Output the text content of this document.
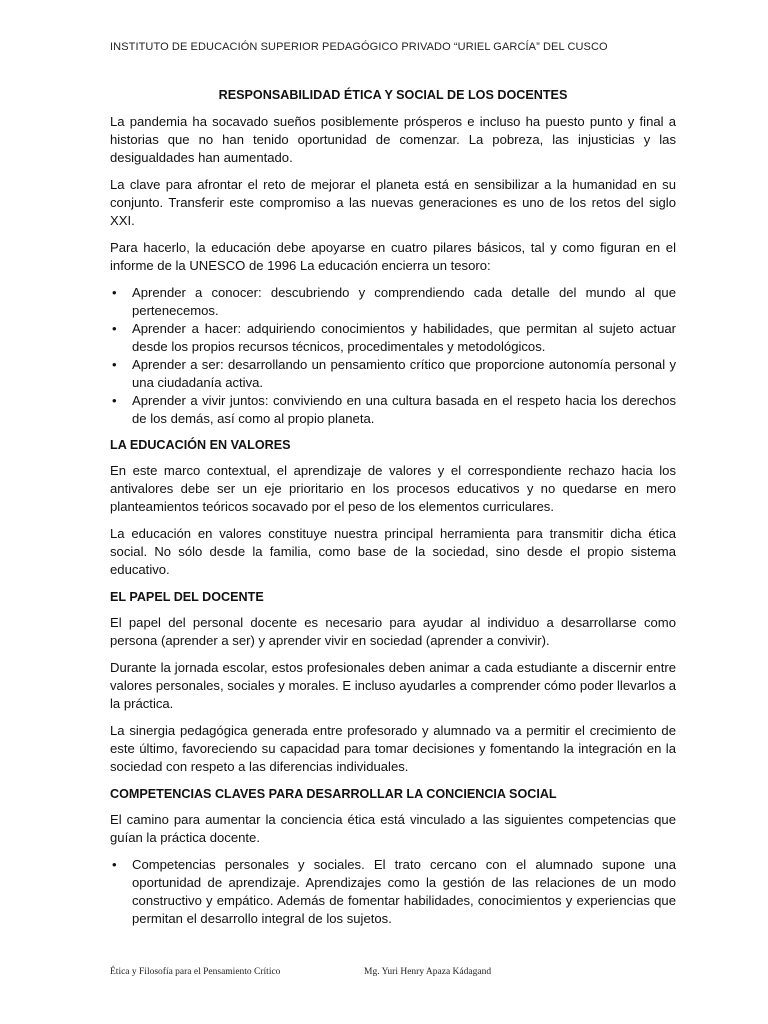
INSTITUTO DE EDUCACIÓN SUPERIOR PEDAGÓGICO PRIVADO “URIEL GARCÍA” DEL CUSCO
RESPONSABILIDAD ÉTICA Y SOCIAL DE LOS DOCENTES

La pandemia ha socavado sueños posiblemente prósperos e incluso ha puesto punto y final a historias que no han tenido oportunidad de comenzar. La pobreza, las injusticias y las desigualdades han aumentado.

La clave para afrontar el reto de mejorar el planeta está en sensibilizar a la humanidad en su conjunto. Transferir este compromiso a las nuevas generaciones es uno de los retos del siglo XXI.

Para hacerlo, la educación debe apoyarse en cuatro pilares básicos, tal y como figuran en el informe de la UNESCO de 1996 La educación encierra un tesoro:

• Aprender a conocer: descubriendo y comprendiendo cada detalle del mundo al que pertenecemos.
• Aprender a hacer: adquiriendo conocimientos y habilidades, que permitan al sujeto actuar desde los propios recursos técnicos, procedimentales y metodológicos.
• Aprender a ser: desarrollando un pensamiento crítico que proporcione autonomía personal y una ciudadanía activa.
• Aprender a vivir juntos: conviviendo en una cultura basada en el respeto hacia los derechos de los demás, así como al propio planeta.
LA EDUCACIÓN EN VALORES

En este marco contextual, el aprendizaje de valores y el correspondiente rechazo hacia los antivalores debe ser un eje prioritario en los procesos educativos y no quedarse en mero planteamientos teóricos socavado por el peso de los elementos curriculares.

La educación en valores constituye nuestra principal herramienta para transmitir dicha ética social. No sólo desde la familia, como base de la sociedad, sino desde el propio sistema educativo.

EL PAPEL DEL DOCENTE

El papel del personal docente es necesario para ayudar al individuo a desarrollarse como persona (aprender a ser) y aprender vivir en sociedad (aprender a convivir).

Durante la jornada escolar, estos profesionales deben animar a cada estudiante a discernir entre valores personales, sociales y morales. E incluso ayudarles a comprender cómo poder llevarlos a la práctica.

La sinergia pedagógica generada entre profesorado y alumnado va a permitir el crecimiento de este último, favoreciendo su capacidad para tomar decisiones y fomentando la integración en la sociedad con respeto a las diferencias individuales.

COMPETENCIAS CLAVES PARA DESARROLLAR LA CONCIENCIA SOCIAL

El camino para aumentar la conciencia ética está vinculado a las siguientes competencias que guían la práctica docente.

• Competencias personales y sociales. El trato cercano con el alumnado supone una oportunidad de aprendizaje. Aprendizajes como la gestión de las relaciones de un modo constructivo y empático. Además de fomentar habilidades, conocimientos y experiencias que permitan el desarrollo integral de los sujetos.
Ética y Filosofía para el Pensamiento Crítico	Mg. Yuri Henry Apaza Kádagand
